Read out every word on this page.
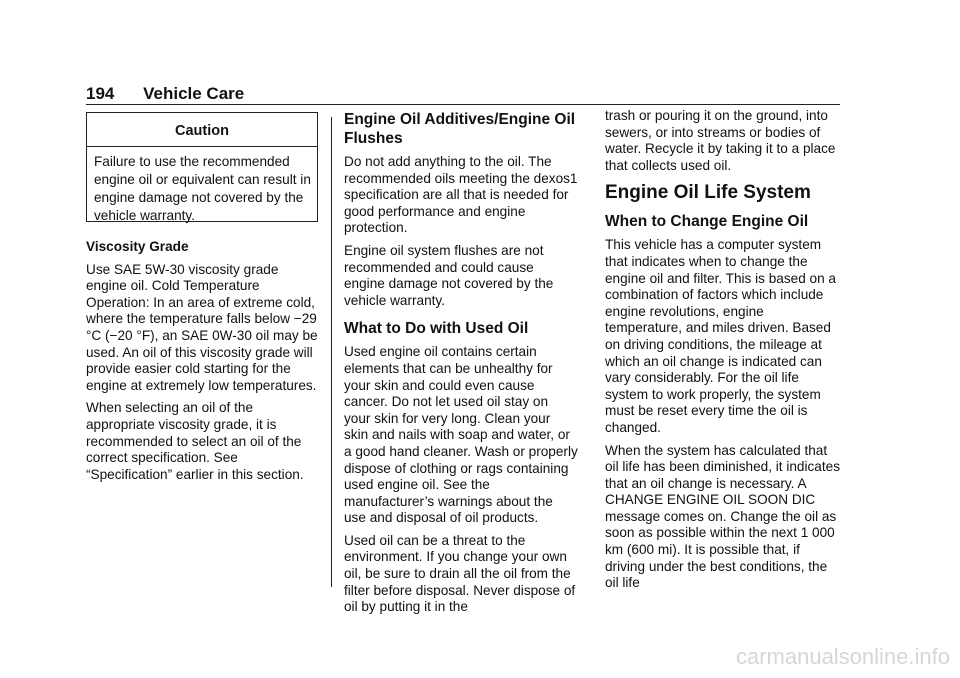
194 Vehicle Care
Caution
Failure to use the recommended engine oil or equivalent can result in engine damage not covered by the vehicle warranty.
Viscosity Grade

Use SAE 5W-30 viscosity grade engine oil. Cold Temperature Operation: In an area of extreme cold, where the temperature falls below −29 °C (−20 °F), an SAE 0W-30 oil may be used. An oil of this viscosity grade will provide easier cold starting for the engine at extremely low temperatures.

When selecting an oil of the appropriate viscosity grade, it is recommended to select an oil of the correct specification. See “Specification” earlier in this section.

Engine Oil Additives/Engine Oil Flushes

Do not add anything to the oil. The recommended oils meeting the dexos1 specification are all that is needed for good performance and engine protection.

Engine oil system flushes are not recommended and could cause engine damage not covered by the vehicle warranty.

What to Do with Used Oil

Used engine oil contains certain elements that can be unhealthy for your skin and could even cause cancer. Do not let used oil stay on your skin for very long. Clean your skin and nails with soap and water, or a good hand cleaner. Wash or properly dispose of clothing or rags containing used engine oil. See the manufacturer’s warnings about the use and disposal of oil products.

Used oil can be a threat to the environment. If you change your own oil, be sure to drain all the oil from the filter before disposal. Never dispose of oil by putting it in the

trash or pouring it on the ground, into sewers, or into streams or bodies of water. Recycle it by taking it to a place that collects used oil.

Engine Oil Life System
When to Change Engine Oil

This vehicle has a computer system that indicates when to change the engine oil and filter. This is based on a combination of factors which include engine revolutions, engine temperature, and miles driven. Based on driving conditions, the mileage at which an oil change is indicated can vary considerably. For the oil life system to work properly, the system must be reset every time the oil is changed.

When the system has calculated that oil life has been diminished, it indicates that an oil change is necessary. A CHANGE ENGINE OIL SOON DIC message comes on. Change the oil as soon as possible within the next 1 000 km (600 mi). It is possible that, if driving under the best conditions, the oil life

carmanualsonline.info
